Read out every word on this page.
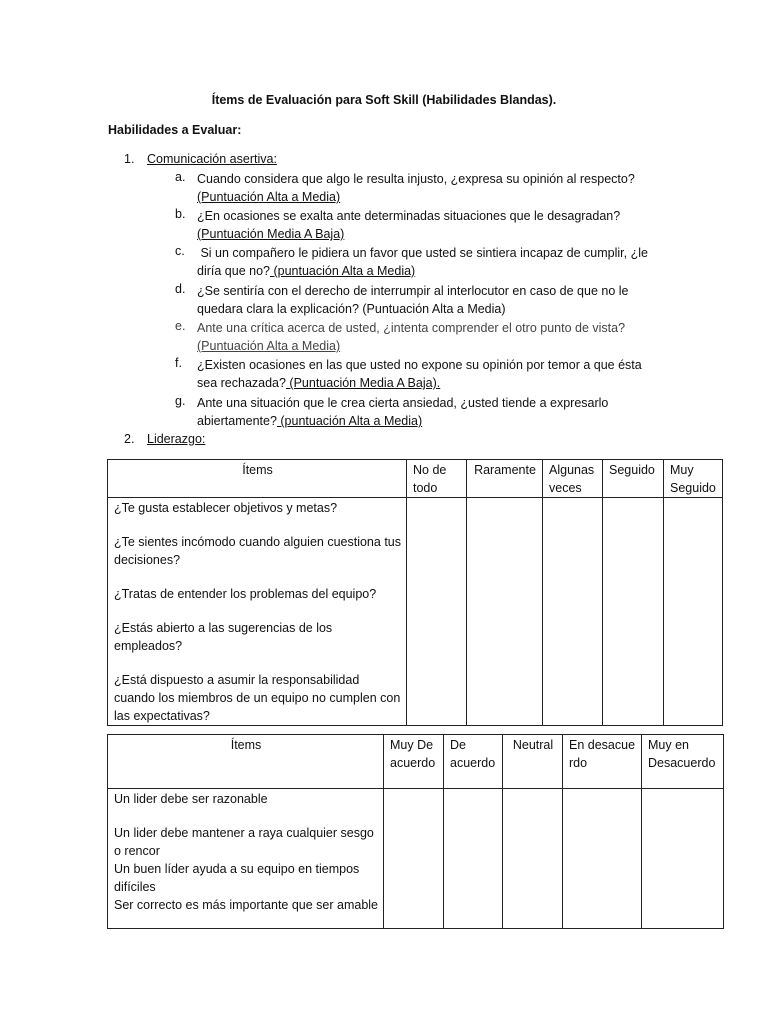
Ítems de Evaluación para Soft Skill (Habilidades Blandas).
Habilidades a Evaluar:
1. Comunicación asertiva:
a. Cuando considera que algo le resulta injusto, ¿expresa su opinión al respecto?
(Puntuación Alta a Media)
b. ¿En ocasiones se exalta ante determinadas situaciones que le desagradan?
(Puntuación Media A Baja)
c. Si un compañero le pidiera un favor que usted se sintiera incapaz de cumplir, ¿le
diría que no? (puntuación Alta a Media)
d. ¿Se sentiría con el derecho de interrumpir al interlocutor en caso de que no le
quedara clara la explicación? (Puntuación Alta a Media)
e. Ante una crítica acerca de usted, ¿intenta comprender el otro punto de vista?
(Puntuación Alta a Media)
f. ¿Existen ocasiones en las que usted no expone su opinión por temor a que ésta
sea rechazada? (Puntuación Media A Baja).
g. Ante una situación que le crea cierta ansiedad, ¿usted tiende a expresarlo
abiertamente? (puntuación Alta a Media)
2. Liderazgo:
Ítems	No de todo	Raramente	Algunas veces	Seguido	Muy Seguido

¿Te gusta establecer objetivos y metas?

¿Te sientes incómodo cuando alguien cuestiona tus decisiones?

¿Tratas de entender los problemas del equipo?

¿Estás abierto a las sugerencias de los empleados?

¿Está dispuesto a asumir la responsabilidad cuando los miembros de un equipo no cumplen con las expectativas?					

Ítems	Muy De acuerdo	De acuerdo	Neutral	En desacuerdo	Muy en Desacuerdo

Un lider debe ser razonable

Un lider debe mantener a raya cualquier sesgo o rencor

Un buen líder ayuda a su equipo en tiempos difíciles

Ser correcto es más importante que ser amable					
